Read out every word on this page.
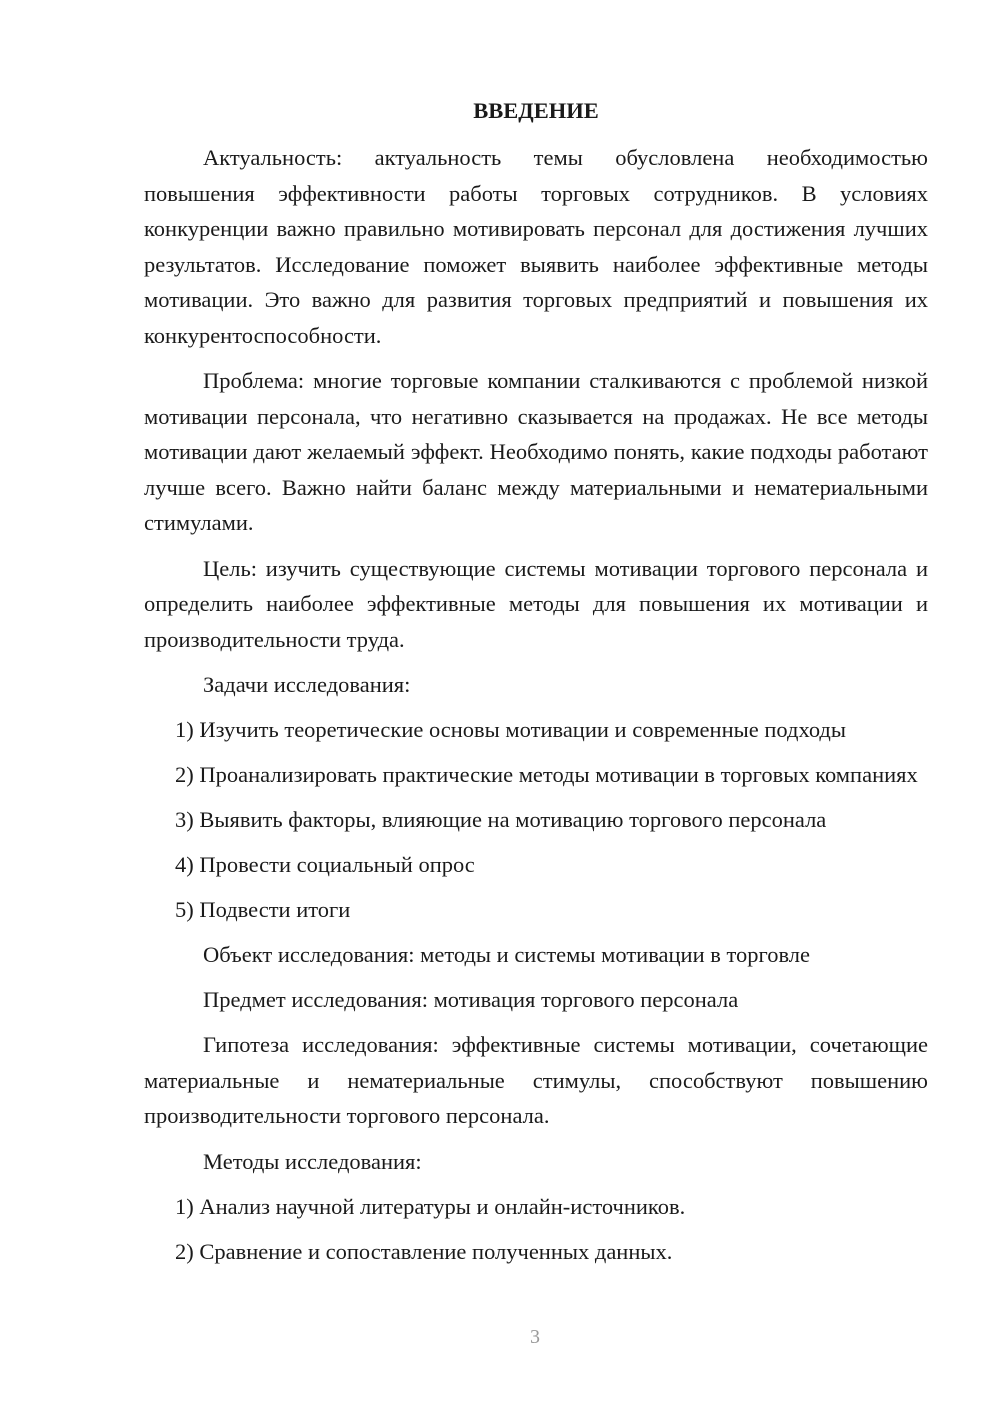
ВВЕДЕНИЕ

Актуальность: актуальность темы обусловлена необходимостью повышения эффективности работы торговых сотрудников. В условиях конкуренции важно правильно мотивировать персонал для достижения лучших результатов. Исследование поможет выявить наиболее эффективные методы мотивации. Это важно для развития торговых предприятий и повышения их конкурентоспособности.

Проблема: многие торговые компании сталкиваются с проблемой низкой мотивации персонала, что негативно сказывается на продажах. Не все методы мотивации дают желаемый эффект. Необходимо понять, какие подходы работают лучше всего. Важно найти баланс между материальными и нематериальными стимулами.

Цель: изучить существующие системы мотивации торгового персонала и определить наиболее эффективные методы для повышения их мотивации и производительности труда.

Задачи исследования:

1) Изучить теоретические основы мотивации и современные подходы

2) Проанализировать практические методы мотивации в торговых компаниях

3) Выявить факторы, влияющие на мотивацию торгового персонала

4) Провести социальный опрос

5) Подвести итоги

Объект исследования: методы и системы мотивации в торговле

Предмет исследования: мотивация торгового персонала

Гипотеза исследования: эффективные системы мотивации, сочетающие материальные и нематериальные стимулы, способствуют повышению производительности торгового персонала.

Методы исследования:

1) Анализ научной литературы и онлайн-источников.

2) Сравнение и сопоставление полученных данных.

3
